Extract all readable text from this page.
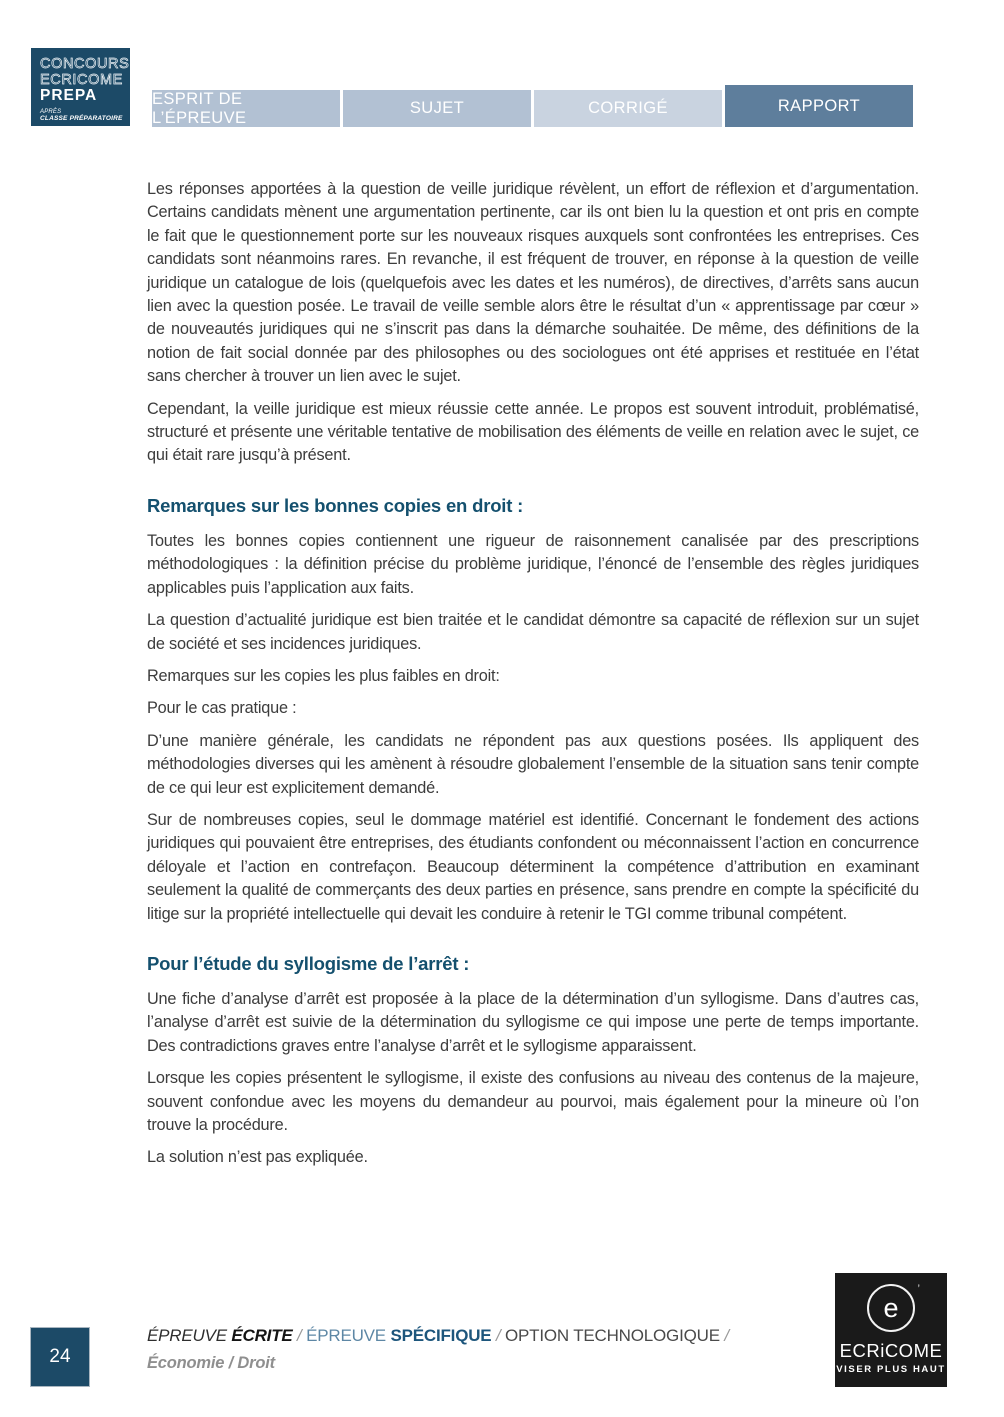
CONCOURS
ECRICOME
PREPA
APRÈS
CLASSE PRÉPARATOIRE
ESPRIT DE L’ÉPREUVE
SUJET	CORRIGÉ	RAPPORT

Les réponses apportées à la question de veille juridique révèlent, un effort de réflexion et d’argumentation. Certains candidats mènent une argumentation pertinente, car ils ont bien lu la question et ont pris en compte le fait que le questionnement porte sur les nouveaux risques auxquels sont confrontées les entreprises. Ces candidats sont néanmoins rares. En revanche, il est fréquent de trouver, en réponse à la question de veille juridique un catalogue de lois (quelquefois avec les dates et les numéros), de directives, d’arrêts sans aucun lien avec la question posée. Le travail de veille semble alors être le résultat d’un « apprentissage par cœur » de nouveautés juridiques qui ne s’inscrit pas dans la démarche souhaitée. De même, des définitions de la notion de fait social donnée par des philosophes ou des sociologues ont été apprises et restituée en l’état sans chercher à trouver un lien avec le sujet.

Cependant, la veille juridique est mieux réussie cette année. Le propos est souvent introduit, problématisé, structuré et présente une véritable tentative de mobilisation des éléments de veille en relation avec le sujet, ce qui était rare jusqu’à présent.

Remarques sur les bonnes copies en droit :

Toutes les bonnes copies contiennent une rigueur de raisonnement canalisée par des prescriptions méthodologiques : la définition précise du problème juridique, l’énoncé de l’ensemble des règles juridiques applicables puis l’application aux faits.

La question d’actualité juridique est bien traitée et le candidat démontre sa capacité de réflexion sur un sujet de société et ses incidences juridiques.

Remarques sur les copies les plus faibles en droit:

Pour le cas pratique :

D’une manière générale, les candidats ne répondent pas aux questions posées. Ils appliquent des méthodologies diverses qui les amènent à résoudre globalement l’ensemble de la situation sans tenir compte de ce qui leur est explicitement demandé.

Sur de nombreuses copies, seul le dommage matériel est identifié. Concernant le fondement des actions juridiques qui pouvaient être entreprises, des étudiants confondent ou méconnaissent l’action en concurrence déloyale et l’action en contrefaçon. Beaucoup déterminent la compétence d’attribution en examinant seulement la qualité de commerçants des deux parties en présence, sans prendre en compte la spécificité du litige sur la propriété intellectuelle qui devait les conduire à retenir le TGI comme tribunal compétent.

Pour l’étude du syllogisme de l’arrêt :

Une fiche d’analyse d’arrêt est proposée à la place de la détermination d’un syllogisme. Dans d’autres cas, l’analyse d’arrêt est suivie de la détermination du syllogisme ce qui impose une perte de temps importante. Des contradictions graves entre l’analyse d’arrêt et le syllogisme apparaissent.

Lorsque les copies présentent le syllogisme, il existe des confusions au niveau des contenus de la majeure, souvent confondue avec les moyens du demandeur au pourvoi, mais également pour la mineure où l’on trouve la procédure.

La solution n’est pas expliquée.

24
ÉPREUVE ÉCRITE / ÉPREUVE SPÉCIFIQUE / OPTION TECHNOLOGIQUE /
Économie / Droit
e
’
ECRiCOME
VISER PLUS HAUT
